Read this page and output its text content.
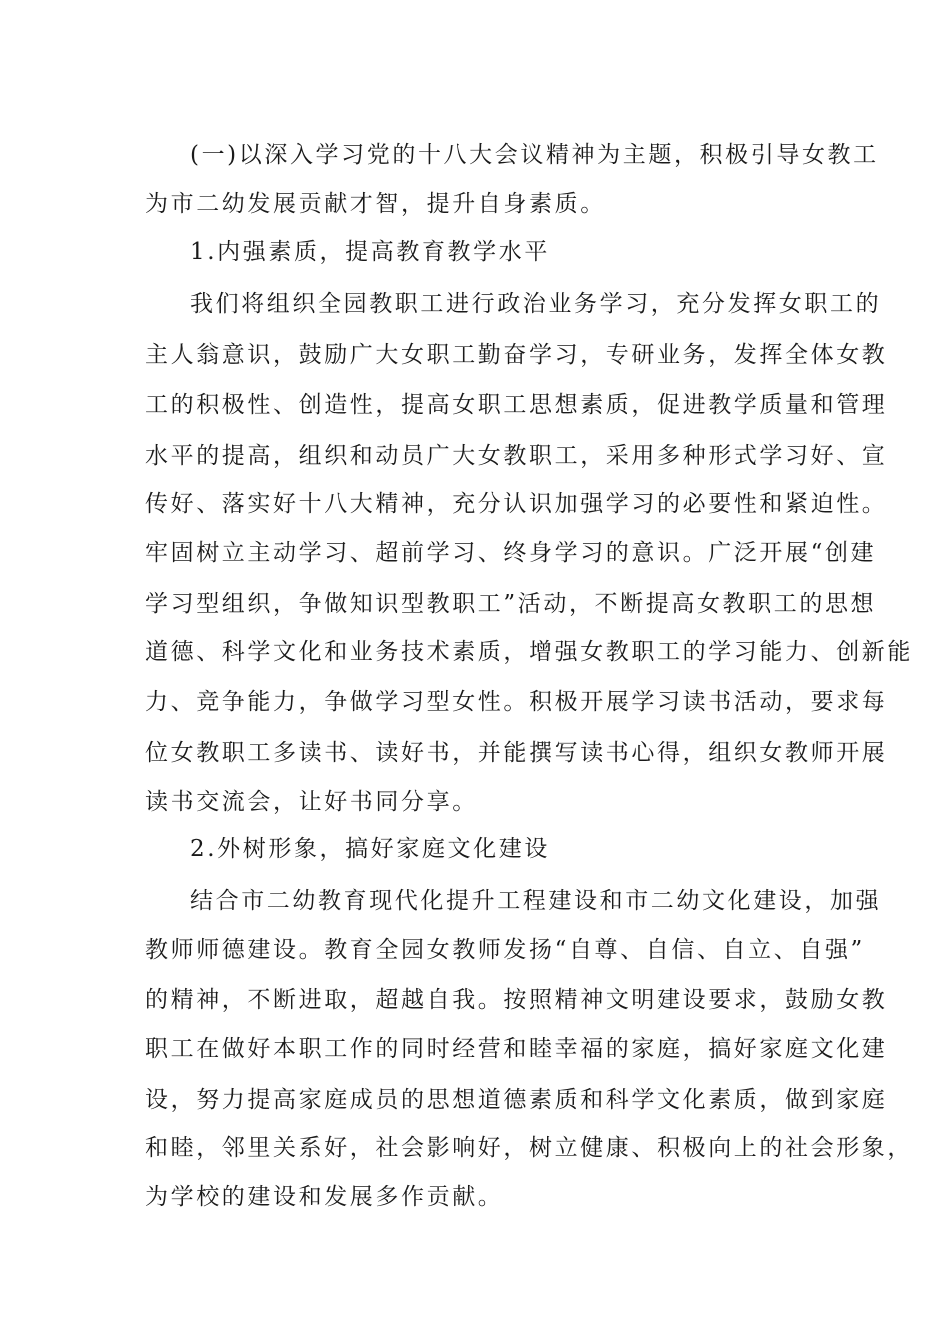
(一)以深入学习党的十八大会议精神为主题，积极引导女教工
为市二幼发展贡献才智，提升自身素质。
1.内强素质，提高教育教学水平
我们将组织全园教职工进行政治业务学习，充分发挥女职工的
主人翁意识，鼓励广大女职工勤奋学习，专研业务，发挥全体女教
工的积极性、创造性，提高女职工思想素质，促进教学质量和管理
水平的提高，组织和动员广大女教职工，采用多种形式学习好、宣
传好、落实好十八大精神，充分认识加强学习的必要性和紧迫性。
牢固树立主动学习、超前学习、终身学习的意识。广泛开展“创建
学习型组织，争做知识型教职工”活动，不断提高女教职工的思想
道德、科学文化和业务技术素质，增强女教职工的学习能力、创新能
力、竞争能力，争做学习型女性。积极开展学习读书活动，要求每
位女教职工多读书、读好书，并能撰写读书心得，组织女教师开展
读书交流会，让好书同分享。
2.外树形象，搞好家庭文化建设
结合市二幼教育现代化提升工程建设和市二幼文化建设，加强
教师师德建设。教育全园女教师发扬“自尊、自信、自立、自强”
的精神，不断进取，超越自我。按照精神文明建设要求，鼓励女教
职工在做好本职工作的同时经营和睦幸福的家庭，搞好家庭文化建
设，努力提高家庭成员的思想道德素质和科学文化素质，做到家庭
和睦，邻里关系好，社会影响好，树立健康、积极向上的社会形象，
为学校的建设和发展多作贡献。
